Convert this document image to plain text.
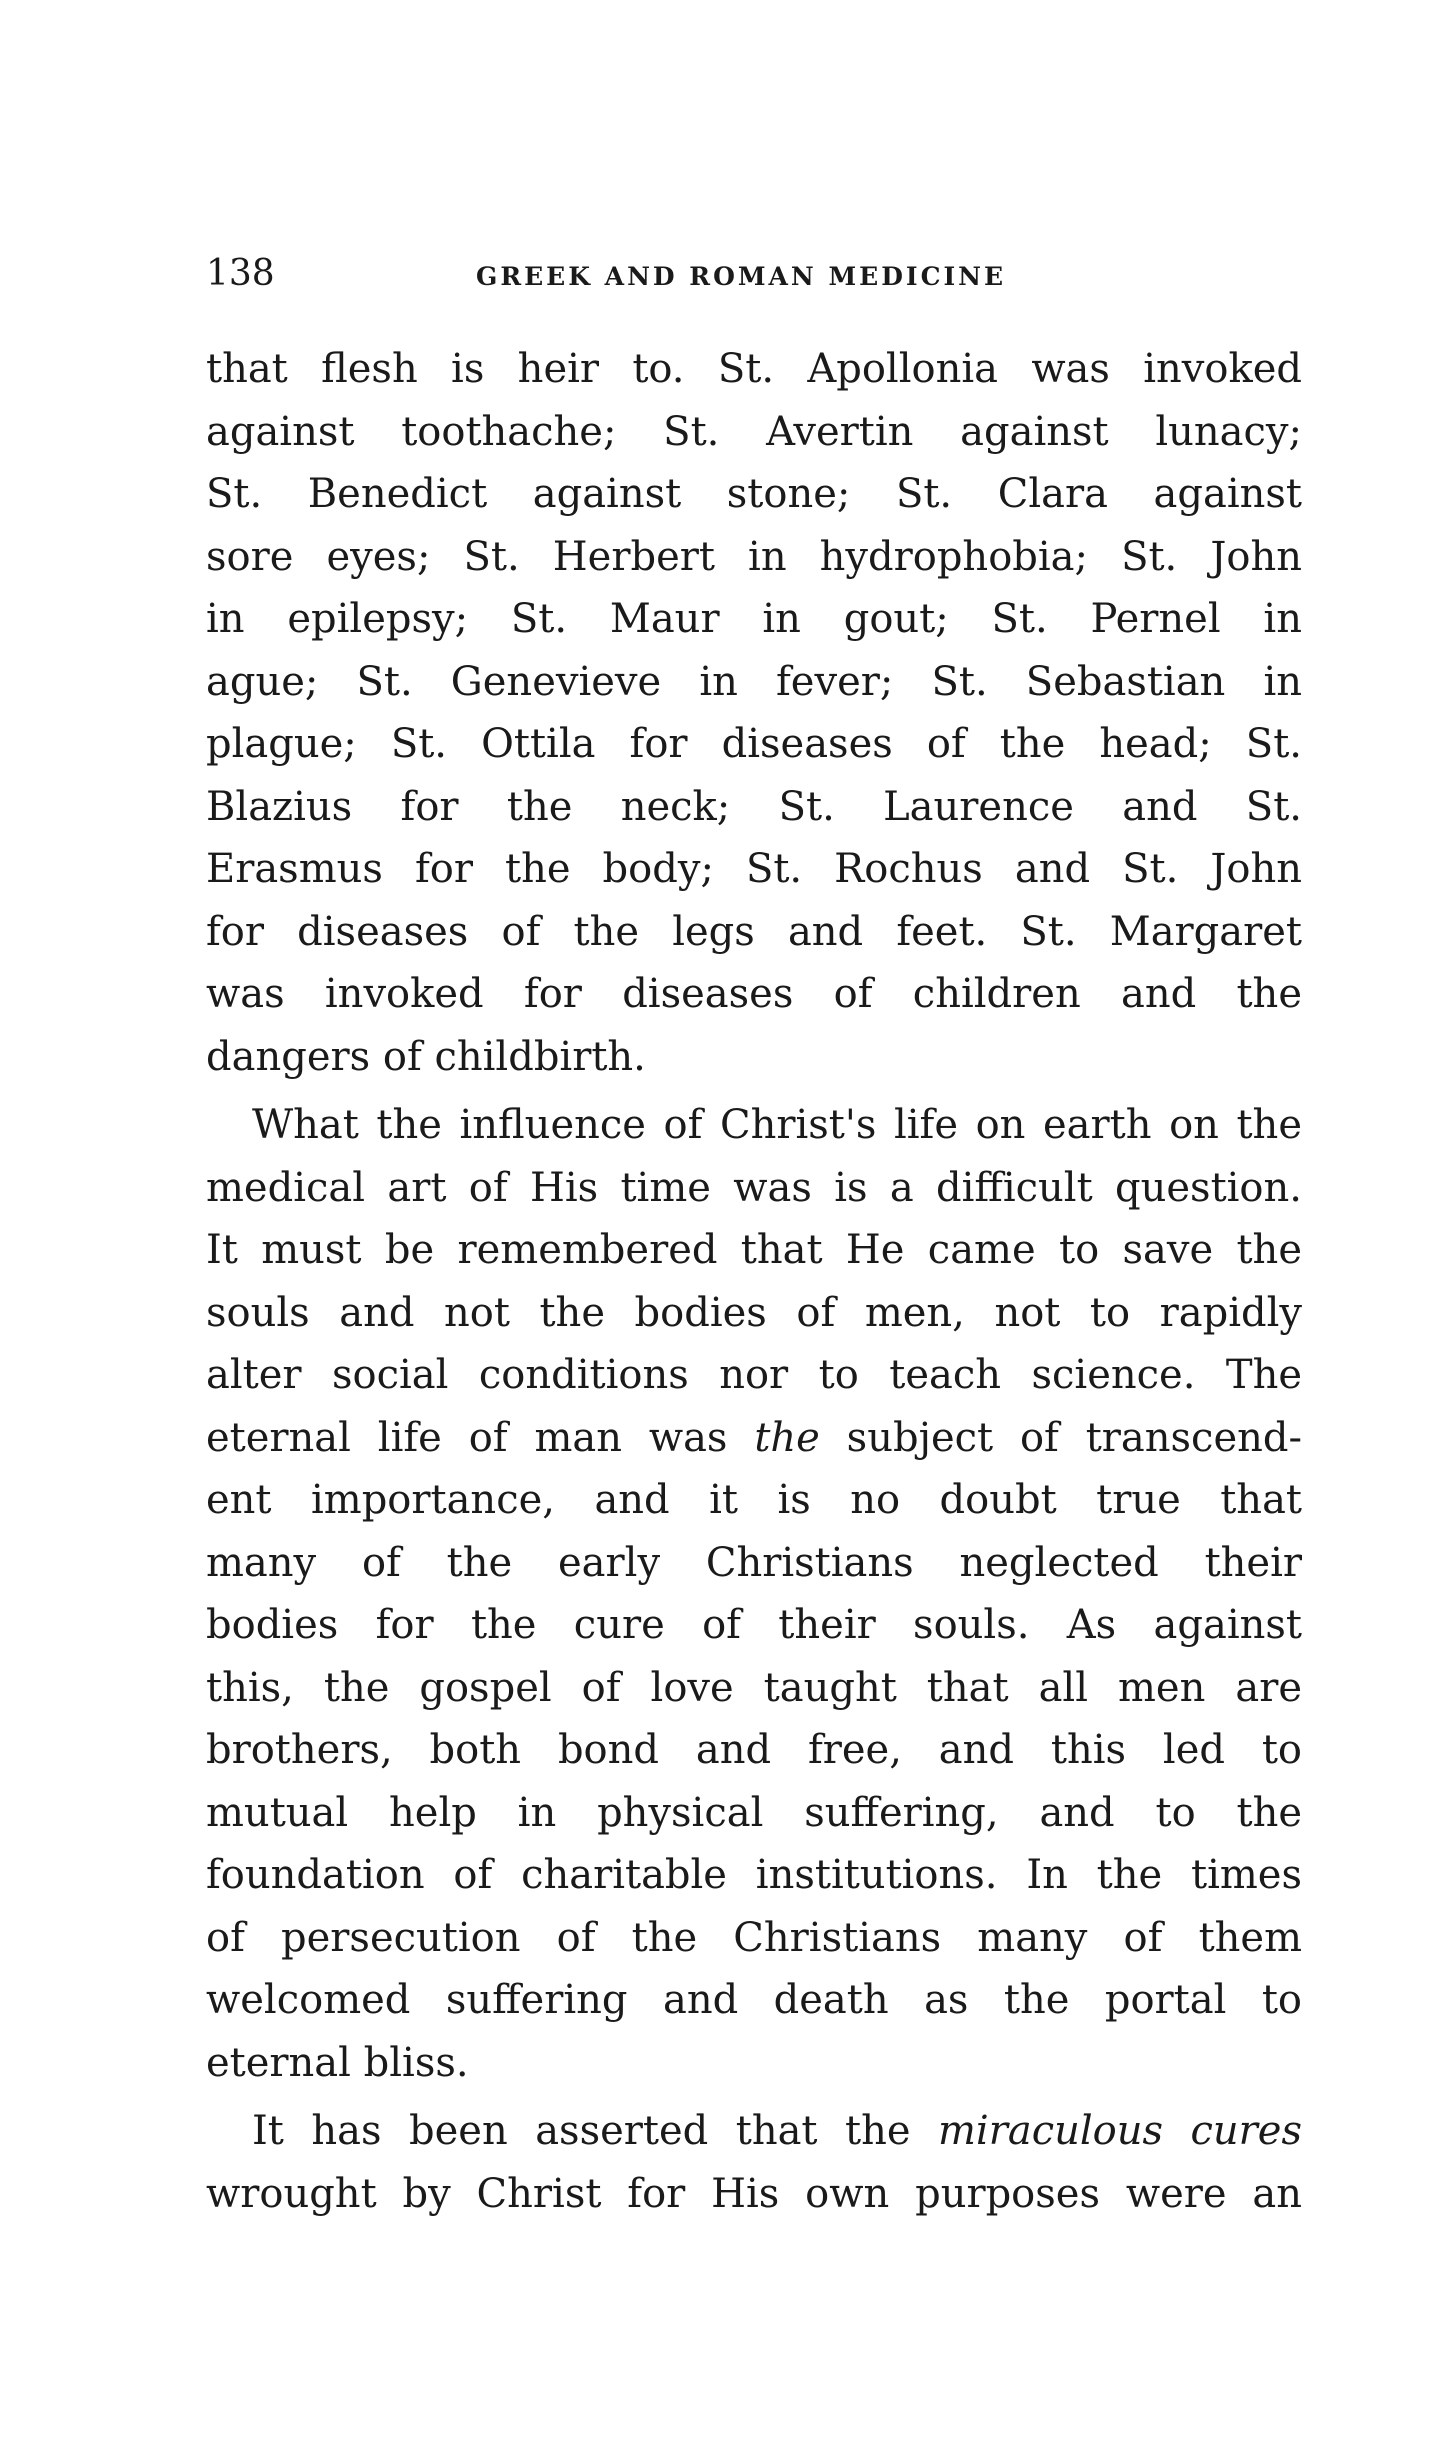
138	GREEK AND ROMAN MEDICINE
that flesh is heir to. St. Apollonia was invoked
against toothache; St. Avertin against lunacy;
St. Benedict against stone; St. Clara against
sore eyes; St. Herbert in hydrophobia; St. John
in epilepsy; St. Maur in gout; St. Pernel in
ague; St. Genevieve in fever; St. Sebastian in
plague; St. Ottila for diseases of the head; St.
Blazius for the neck; St. Laurence and St.
Erasmus for the body; St. Rochus and St. John
for diseases of the legs and feet. St. Margaret
was invoked for diseases of children and the
dangers of childbirth.
What the influence of Christ's life on earth on the
medical art of His time was is a difficult question.
It must be remembered that He came to save the
souls and not the bodies of men, not to rapidly
alter social conditions nor to teach science. The
eternal life of man was the subject of transcend-
ent importance, and it is no doubt true that
many of the early Christians neglected their
bodies for the cure of their souls. As against
this, the gospel of love taught that all men are
brothers, both bond and free, and this led to
mutual help in physical suffering, and to the
foundation of charitable institutions. In the times
of persecution of the Christians many of them
welcomed suffering and death as the portal to
eternal bliss.
It has been asserted that the miraculous cures
wrought by Christ for His own purposes were an
